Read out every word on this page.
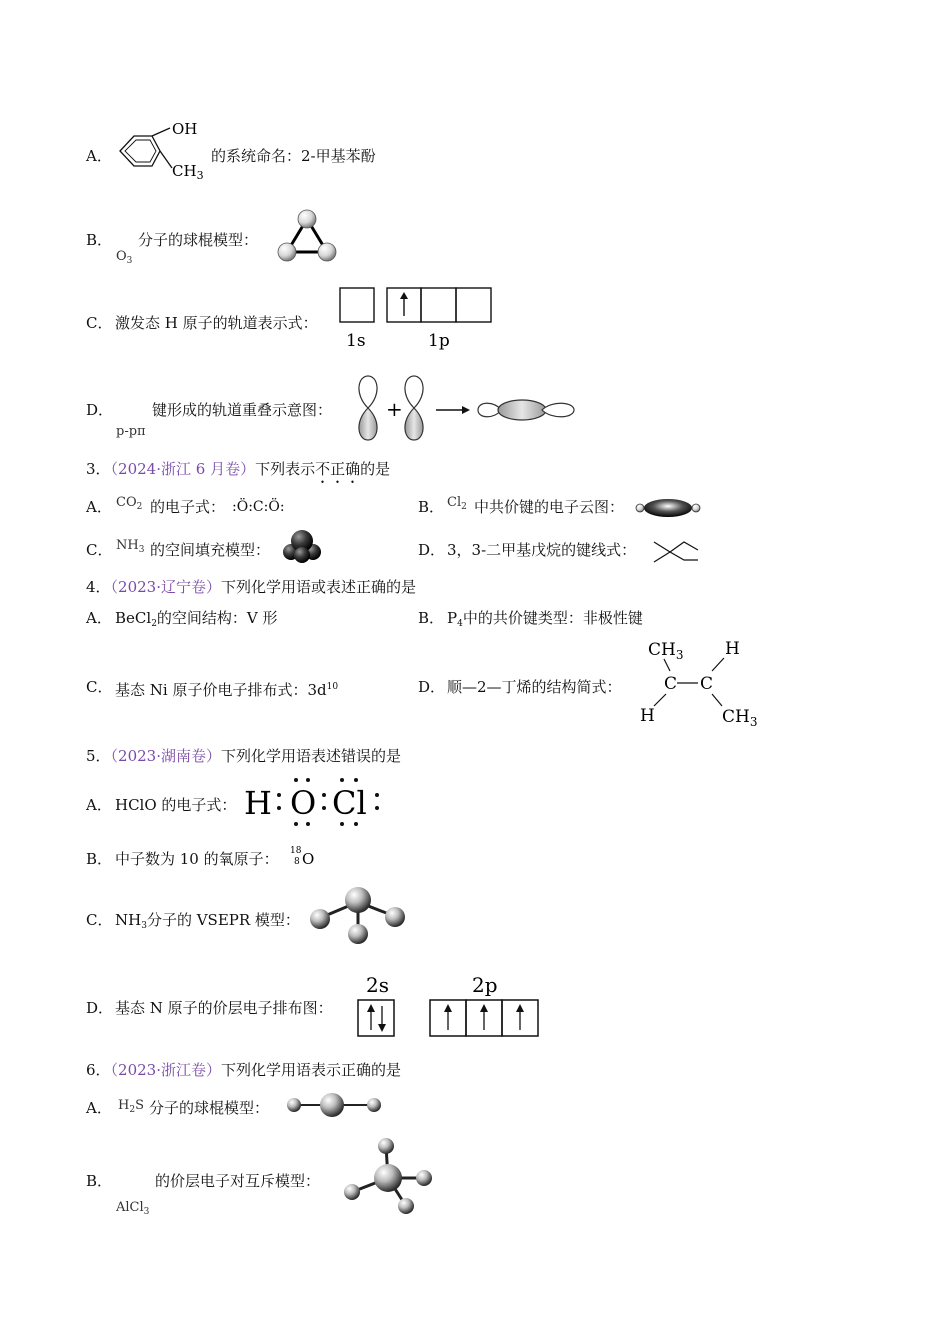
A．
OH
$CH_3$
的系统命名：2-甲基苯酚
B．
$O_3$
分子的球棍模型：
C． 激发态 H 原子的轨道表示式：
1s	1p
D．
p-pπ
键形成的轨道重叠示意图：	+
3．（2024·浙江 6 月卷）下列表示不正确的是
A． $CO_2$ 的电子式： :Ö:C:Ö:	B． $Cl_2$ 中共价键的电子云图：
C． $NH_3$ 的空间填充模型：	D． 3，3-二甲基戊烷的键线式：
4．（2023·辽宁卷）下列化学用语或表述正确的是
A． BeCl$_2$的空间结构：V 形	B． $P_4$中的共价键类型：非极性键
C． 基态 Ni 原子价电子排布式：$3d^{10}$	D． 顺—2—丁烯的结构简式：
$CH_3$ H
C C
H	$CH_3$
5．（2023·湖南卷）下列化学用语表述错误的是
A． HClO 的电子式： H O Cl
B． 中子数为 10 的氧原子： 18
8 O
C． $NH_3$分子的 VSEPR 模型：
D． 基态 N 原子的价层电子排布图：
2s	2p
6．（2023·浙江卷）下列化学用语表示正确的是
A． $H_2S$ 分子的球棍模型：
B．
AlCl$_3$
的价层电子对互斥模型：
